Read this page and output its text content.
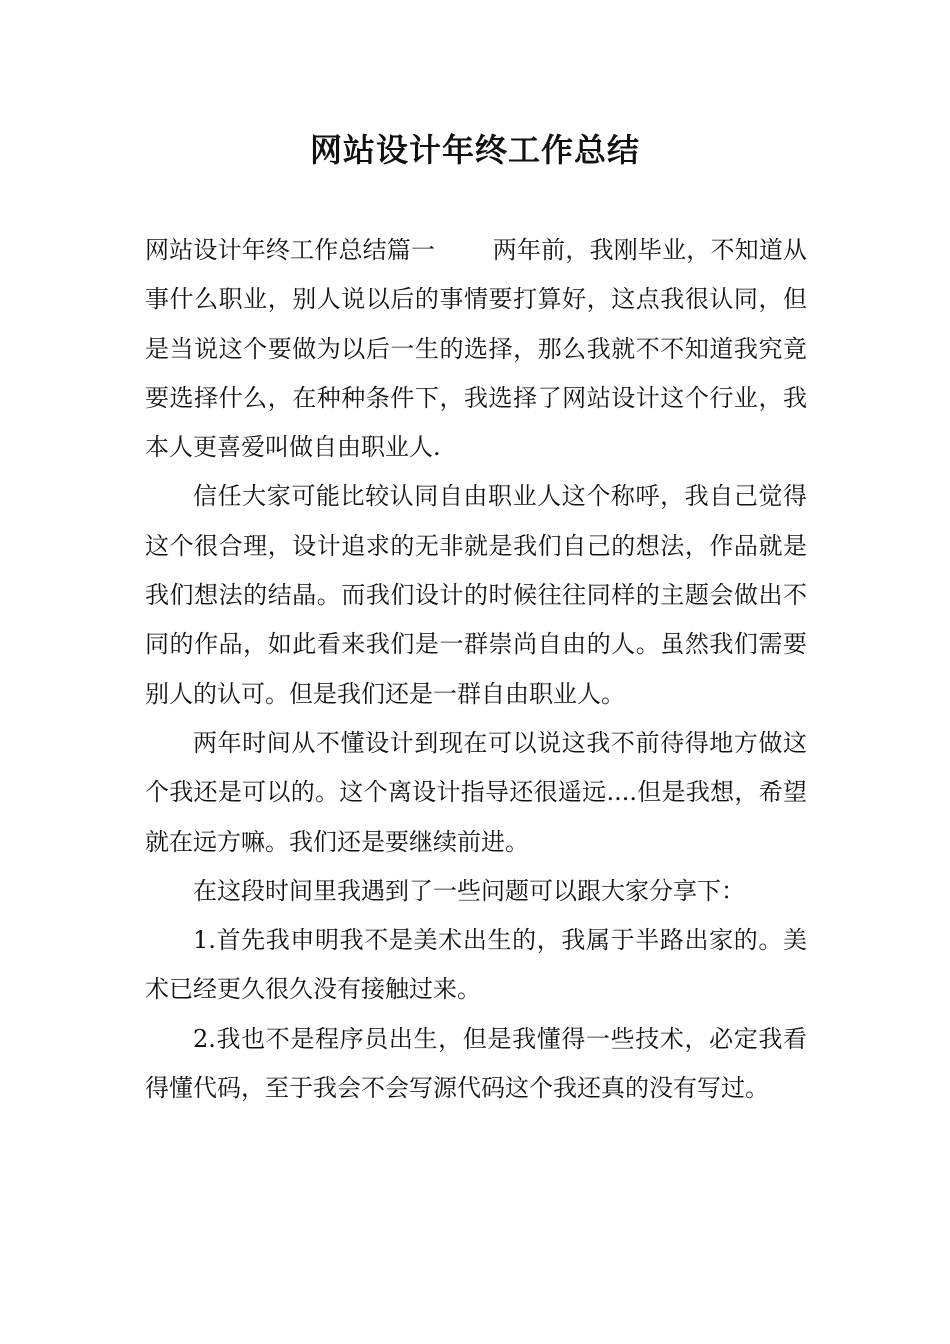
网站设计年终工作总结

网站设计年终工作总结篇一 两年前，我刚毕业，不知道从事什么职业，别人说以后的事情要打算好，这点我很认同，但是当说这个要做为以后一生的选择，那么我就不不知道我究竟要选择什么，在种种条件下，我选择了网站设计这个行业，我本人更喜爱叫做自由职业人.

信任大家可能比较认同自由职业人这个称呼，我自己觉得这个很合理，设计追求的无非就是我们自己的想法，作品就是我们想法的结晶。而我们设计的时候往往同样的主题会做出不同的作品，如此看来我们是一群崇尚自由的人。虽然我们需要别人的认可。但是我们还是一群自由职业人。

两年时间从不懂设计到现在可以说这我不前待得地方做这个我还是可以的。这个离设计指导还很遥远....但是我想，希望就在远方嘛。我们还是要继续前进。

在这段时间里我遇到了一些问题可以跟大家分享下：

1.首先我申明我不是美术出生的，我属于半路出家的。美术已经更久很久没有接触过来。

2.我也不是程序员出生，但是我懂得一些技术，必定我看得懂代码，至于我会不会写源代码这个我还真的没有写过。
